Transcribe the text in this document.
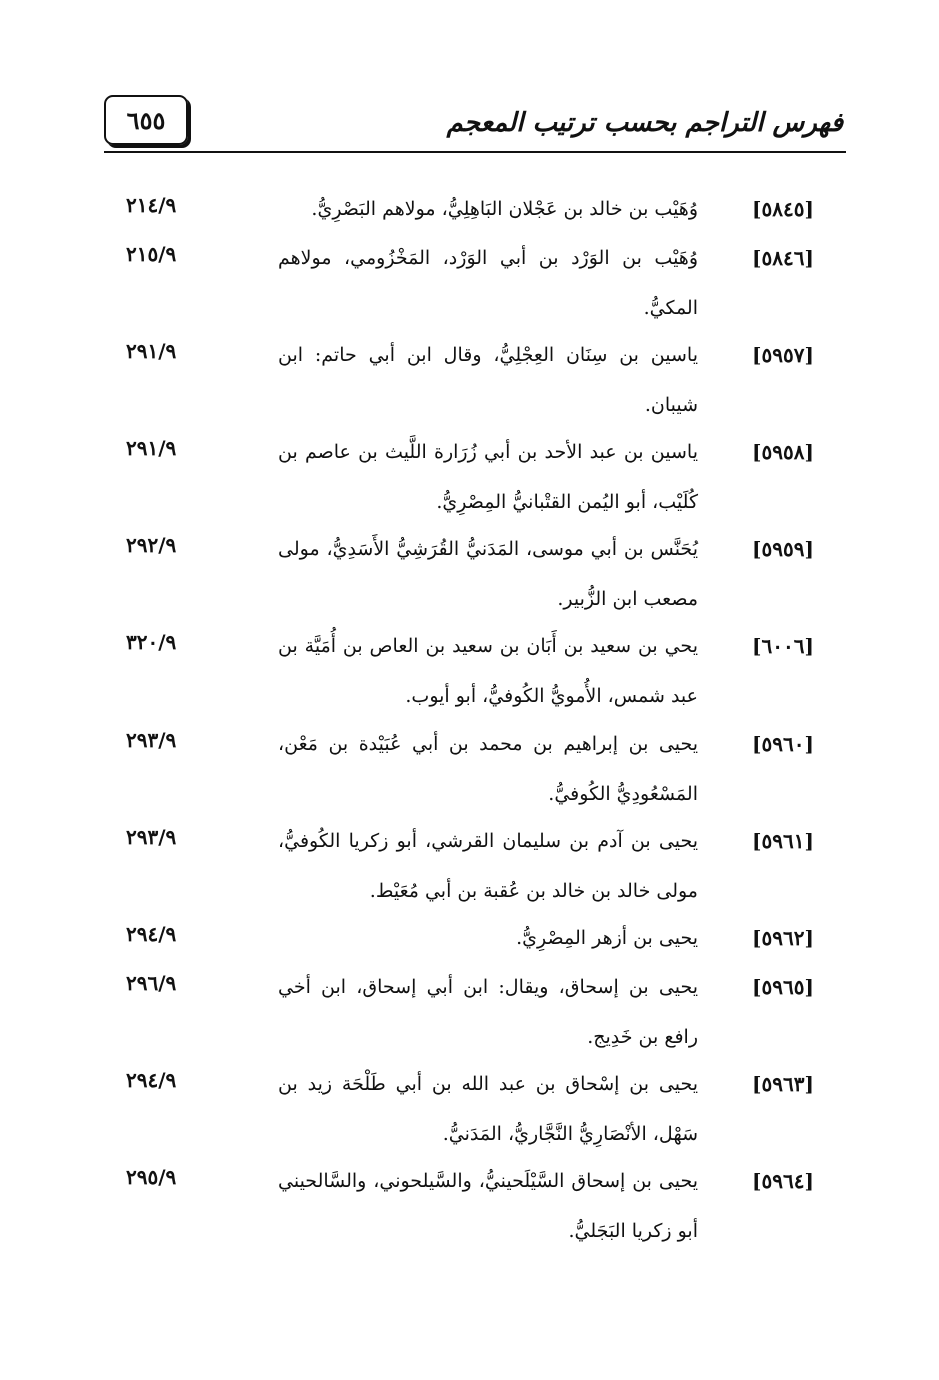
٦٥٥	فهرس التراجم بحسب ترتيب المعجم
[٥٨٤٥]
وُهَيْب بن خالد بن عَجْلان البَاهِلِيُّ، مولاهم البَصْرِيُّ.
٢١٤/٩
[٥٨٤٦]
وُهَيْب بن الوَرْد بن أبي الوَرْد، المَخْزُومي، مولاهم المكيُّ.
٢١٥/٩
[٥٩٥٧]
ياسين بن سِنَان العِجْلِيُّ، وقال ابن أبي حاتم: ابن شيبان.
٢٩١/٩
[٥٩٥٨]
ياسين بن عبد الأحد بن أبي زُرَارة اللَّيث بن عاصم بن كُلَيْب، أبو اليُمن القتْبانيُّ المِصْرِيُّ.
٢٩١/٩
[٥٩٥٩]
يُحَنَّس بن أبي موسى، المَدَنيُّ القُرَشِيُّ الأَسَدِيُّ، مولى مصعب ابن الزُّبير.
٢٩٢/٩
[٦٠٠٦]
يحي بن سعيد بن أَبَان بن سعيد بن العاص بن أُمَيَّة بن عبد شمس، الأُمويُّ الكُوفيُّ، أبو أيوب.
٣٢٠/٩
[٥٩٦٠]
يحيى بن إبراهيم بن محمد بن أبي عُبَيْدة بن مَعْن، المَسْعُودِيُّ الكُوفيُّ.
٢٩٣/٩
[٥٩٦١]
يحيى بن آدم بن سليمان القرشي، أبو زكريا الكُوفيُّ، مولى خالد بن خالد بن عُقبة بن أبي مُعَيْط.
٢٩٣/٩
[٥٩٦٢]
يحيى بن أزهر المِصْرِيُّ.
٢٩٤/٩
[٥٩٦٥]
يحيى بن إسحاق، ويقال: ابن أبي إسحاق، ابن أخي رافع بن خَدِيج.
٢٩٦/٩
[٥٩٦٣]
يحيى بن إسْحاق بن عبد الله بن أبي طَلْحَة زيد بن سَهْل، الأنْصَارِيُّ النَّجَّاريُّ، المَدَنيُّ.
٢٩٤/٩
[٥٩٦٤]
يحيى بن إسحاق السَّيْلَحينيُّ، والسَّيلحوني، والسَّالحيني أبو زكريا البَجَليُّ.
٢٩٥/٩
